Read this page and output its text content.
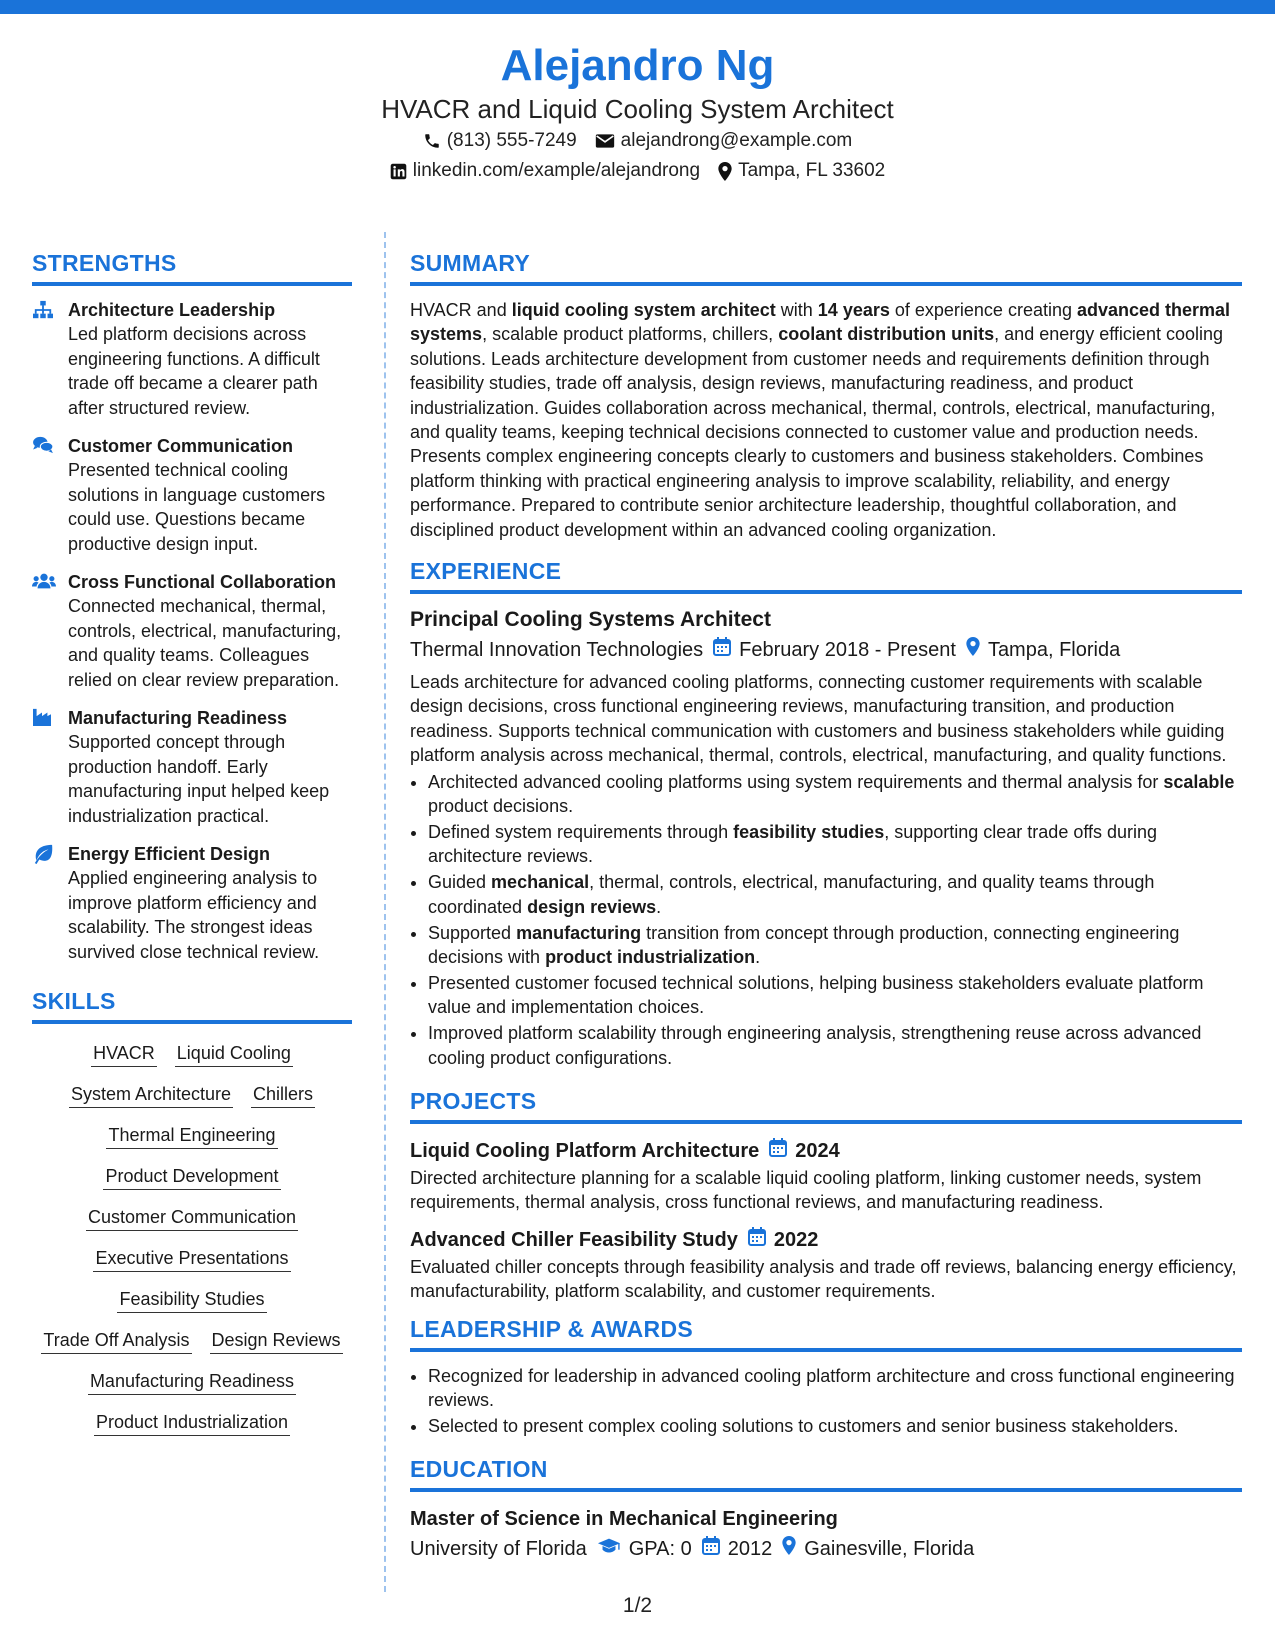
Alejandro Ng
HVACR and Liquid Cooling System Architect
(813) 555-7249 alejandrong@example.com
linkedin.com/example/alejandrong Tampa, FL 33602
STRENGTHS
Architecture Leadership
Led platform decisions across engineering functions. A difficult trade off became a clearer path after structured review.
Customer Communication
Presented technical cooling solutions in language customers could use. Questions became productive design input.
Cross Functional Collaboration
Connected mechanical, thermal, controls, electrical, manufacturing, and quality teams. Colleagues relied on clear review preparation.
Manufacturing Readiness
Supported concept through production handoff. Early manufacturing input helped keep industrialization practical.
Energy Efficient Design
Applied engineering analysis to improve platform efficiency and scalability. The strongest ideas survived close technical review.
SKILLS
HVACR Liquid Cooling
System Architecture Chillers
Thermal Engineering
Product Development
Customer Communication
Executive Presentations
Feasibility Studies
Trade Off Analysis Design Reviews
Manufacturing Readiness
Product Industrialization
SUMMARY
HVACR and liquid cooling system architect with 14 years of experience creating advanced thermal systems, scalable product platforms, chillers, coolant distribution units, and energy efficient cooling solutions. Leads architecture development from customer needs and requirements definition through feasibility studies, trade off analysis, design reviews, manufacturing readiness, and product industrialization. Guides collaboration across mechanical, thermal, controls, electrical, manufacturing, and quality teams, keeping technical decisions connected to customer value and production needs. Presents complex engineering concepts clearly to customers and business stakeholders. Combines platform thinking with practical engineering analysis to improve scalability, reliability, and energy performance. Prepared to contribute senior architecture leadership, thoughtful collaboration, and disciplined product development within an advanced cooling organization.
EXPERIENCE
Principal Cooling Systems Architect
Thermal Innovation Technologies February 2018 - Present Tampa, Florida
Leads architecture for advanced cooling platforms, connecting customer requirements with scalable design decisions, cross functional engineering reviews, manufacturing transition, and production readiness. Supports technical communication with customers and business stakeholders while guiding platform analysis across mechanical, thermal, controls, electrical, manufacturing, and quality functions.
• Architected advanced cooling platforms using system requirements and thermal analysis for scalable product decisions.
• Defined system requirements through feasibility studies, supporting clear trade offs during architecture reviews.
• Guided mechanical, thermal, controls, electrical, manufacturing, and quality teams through coordinated design reviews.
• Supported manufacturing transition from concept through production, connecting engineering decisions with product industrialization.
• Presented customer focused technical solutions, helping business stakeholders evaluate platform value and implementation choices.
• Improved platform scalability through engineering analysis, strengthening reuse across advanced cooling product configurations.
PROJECTS
Liquid Cooling Platform Architecture 2024
Directed architecture planning for a scalable liquid cooling platform, linking customer needs, system requirements, thermal analysis, cross functional reviews, and manufacturing readiness.
Advanced Chiller Feasibility Study 2022
Evaluated chiller concepts through feasibility analysis and trade off reviews, balancing energy efficiency, manufacturability, platform scalability, and customer requirements.
LEADERSHIP & AWARDS
• Recognized for leadership in advanced cooling platform architecture and cross functional engineering reviews.
• Selected to present complex cooling solutions to customers and senior business stakeholders.
EDUCATION
Master of Science in Mechanical Engineering
University of Florida GPA: 0 2012 Gainesville, Florida
1/2
